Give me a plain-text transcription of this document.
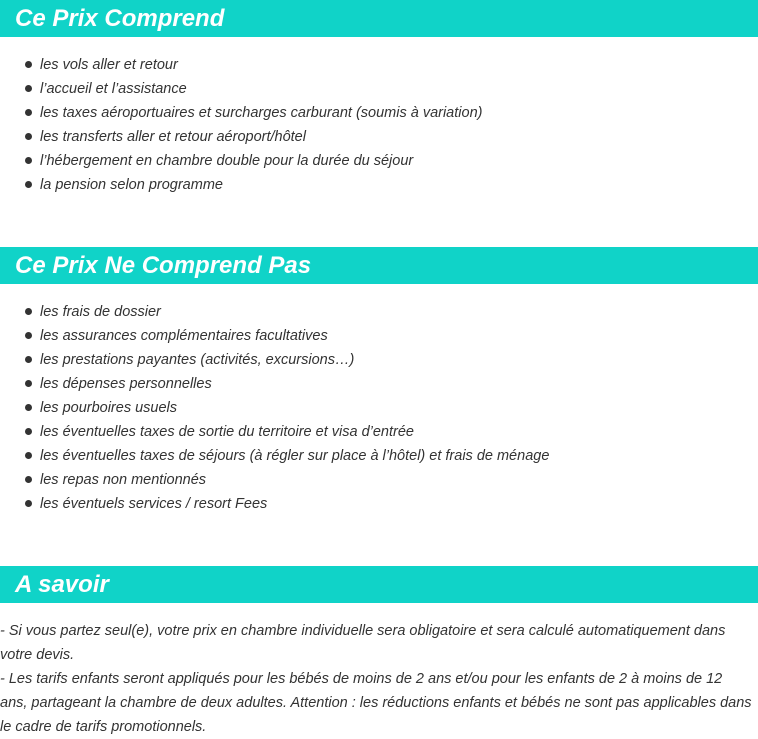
Ce Prix Comprend
les vols aller et retour
l’accueil et l’assistance
les taxes aéroportuaires et surcharges carburant (soumis à variation)
les transferts aller et retour aéroport/hôtel
l’hébergement en chambre double pour la durée du séjour
la pension selon programme
Ce Prix Ne Comprend Pas
les frais de dossier
les assurances complémentaires facultatives
les prestations payantes (activités, excursions…)
les dépenses personnelles
les pourboires usuels
les éventuelles taxes de sortie du territoire et visa d’entrée
les éventuelles taxes de séjours (à régler sur place à l’hôtel) et frais de ménage
les repas non mentionnés
les éventuels services / resort Fees
A savoir

- Si vous partez seul(e), votre prix en chambre individuelle sera obligatoire et sera calculé automatiquement dans votre devis.

- Les tarifs enfants seront appliqués pour les bébés de moins de 2 ans et/ou pour les enfants de 2 à moins de 12 ans, partageant la chambre de deux adultes. Attention : les réductions enfants et bébés ne sont pas applicables dans le cadre de tarifs promotionnels.
